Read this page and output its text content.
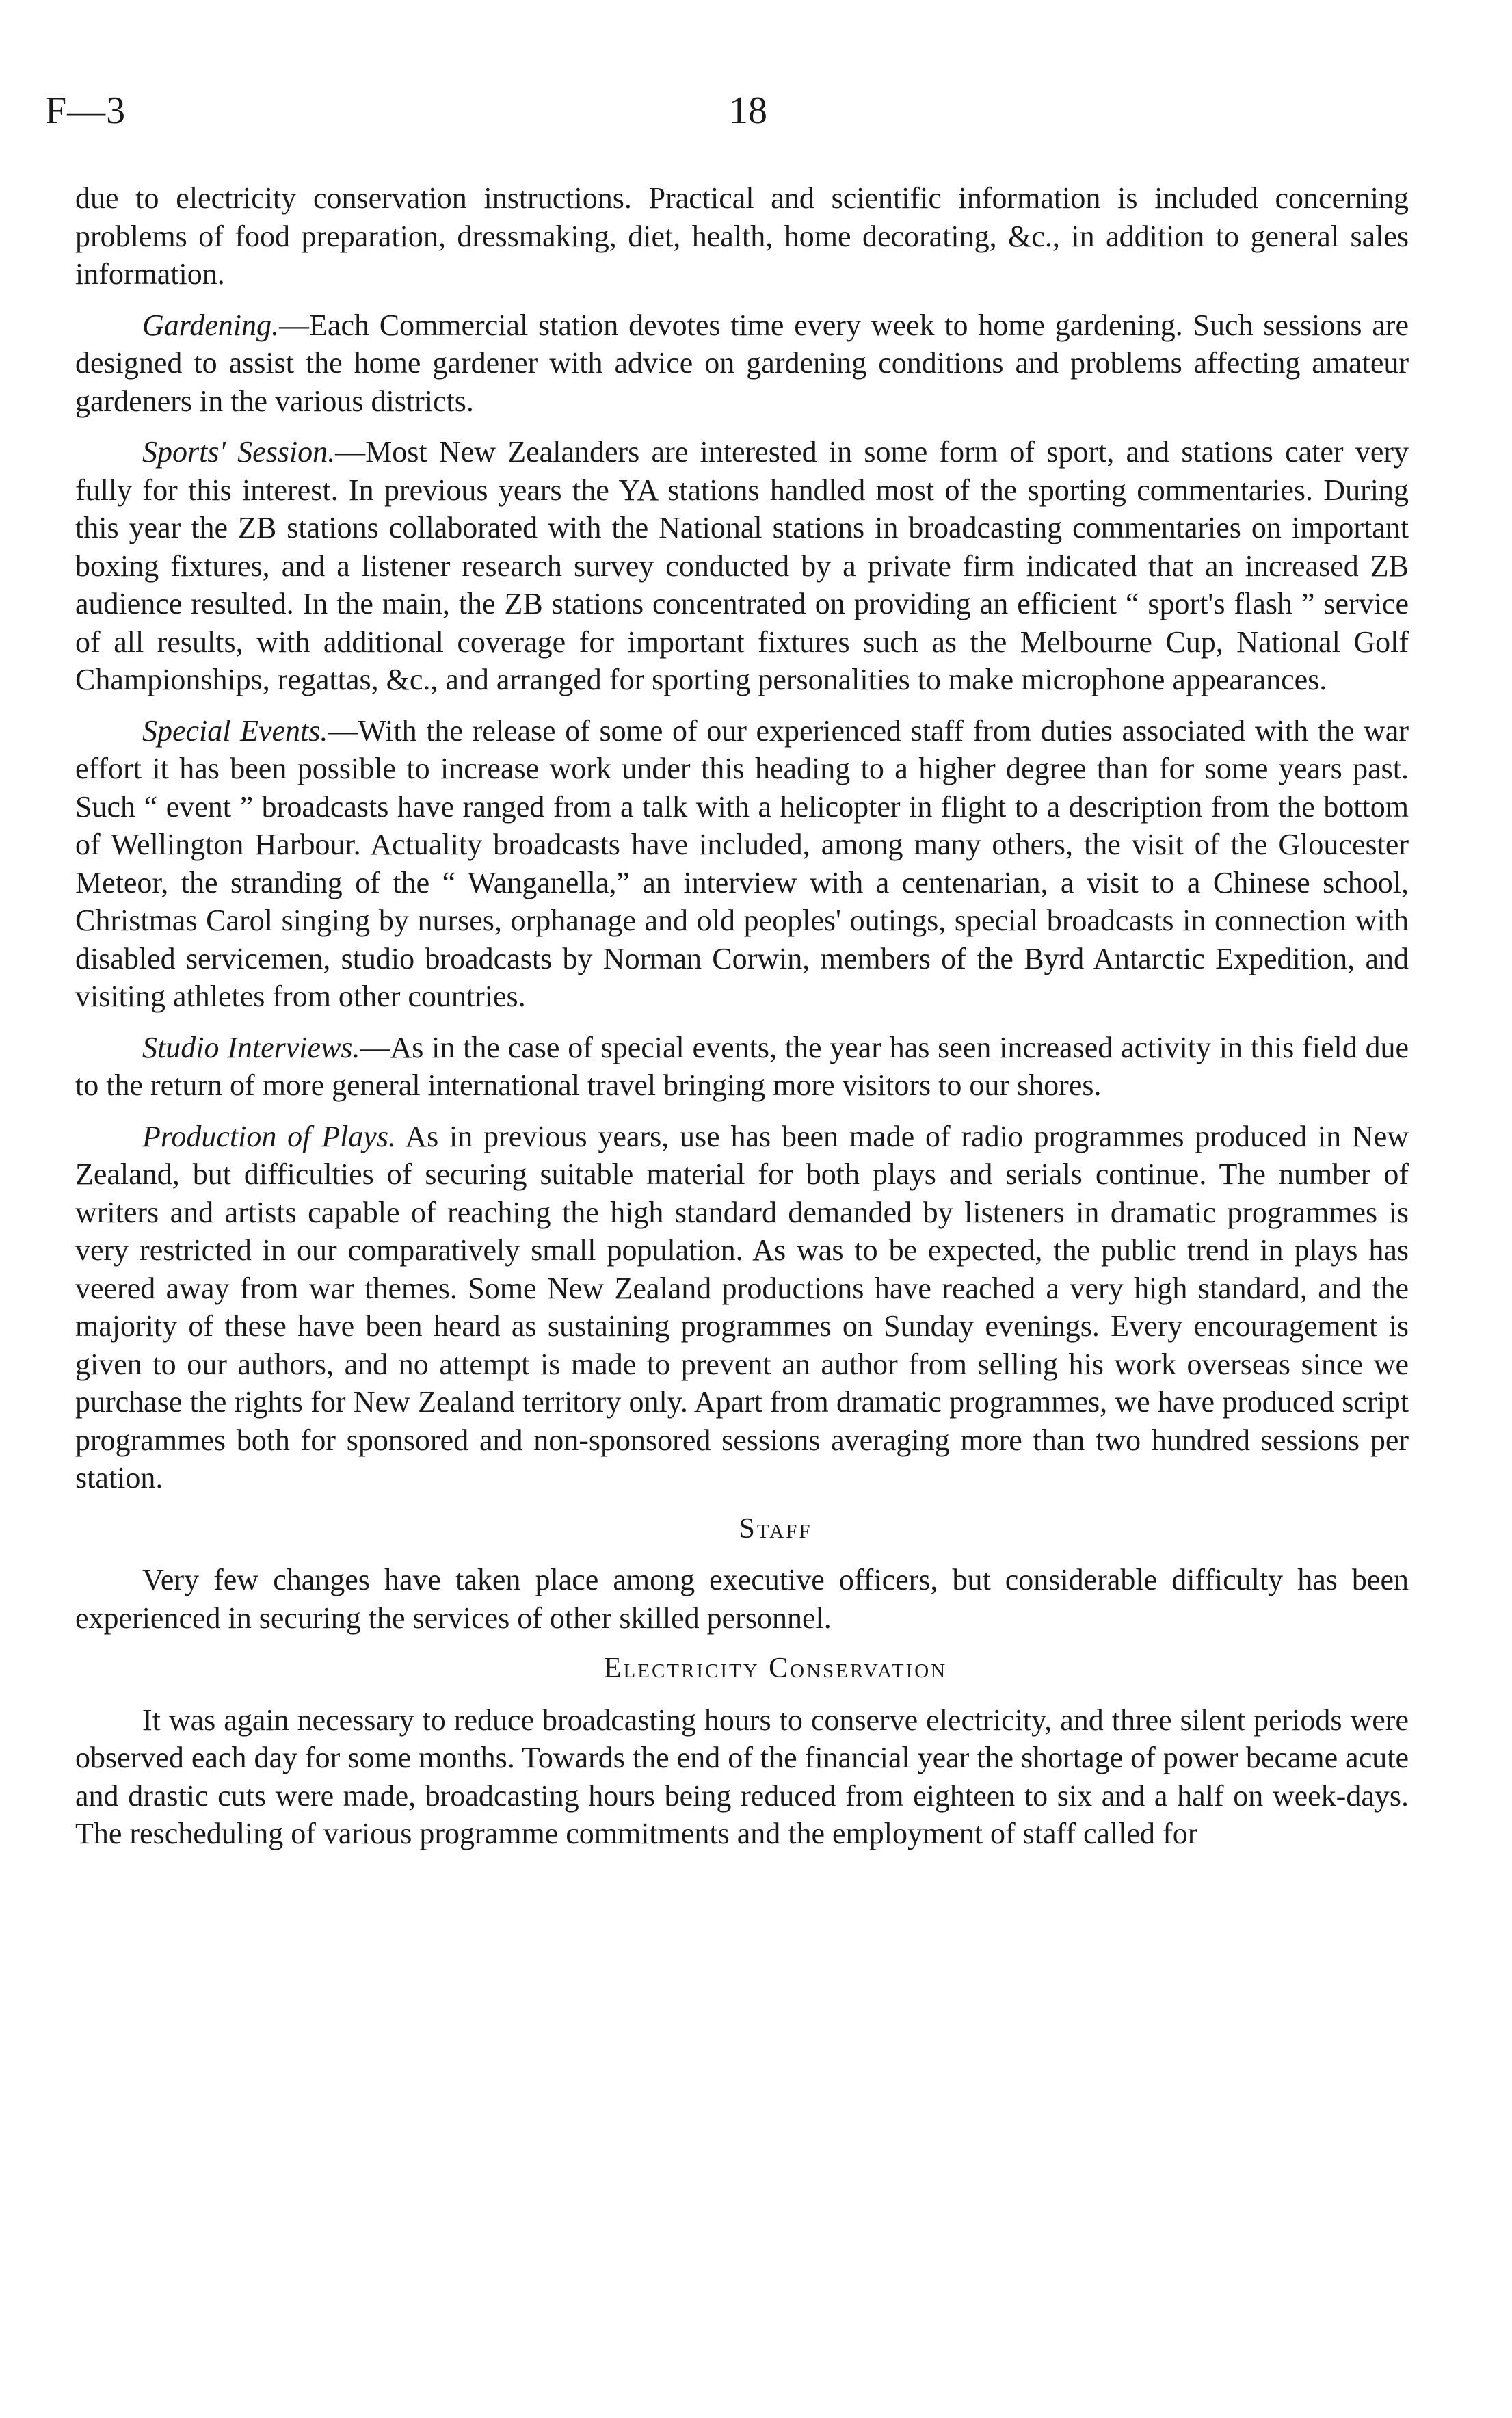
F—3	18

due to electricity conservation instructions. Practical and scientific information is included concerning problems of food preparation, dressmaking, diet, health, home decorating, &c., in addition to general sales information.

Gardening.—Each Commercial station devotes time every week to home gardening. Such sessions are designed to assist the home gardener with advice on gardening conditions and problems affecting amateur gardeners in the various districts.

Sports' Session.—Most New Zealanders are interested in some form of sport, and stations cater very fully for this interest. In previous years the YA stations handled most of the sporting commentaries. During this year the ZB stations collaborated with the National stations in broadcasting commentaries on important boxing fixtures, and a listener research survey conducted by a private firm indicated that an increased ZB audience resulted. In the main, the ZB stations concentrated on providing an efficient “ sport's flash ” service of all results, with additional coverage for important fixtures such as the Melbourne Cup, National Golf Championships, regattas, &c., and arranged for sporting personalities to make microphone appearances.

Special Events.—With the release of some of our experienced staff from duties associated with the war effort it has been possible to increase work under this heading to a higher degree than for some years past. Such “ event ” broadcasts have ranged from a talk with a helicopter in flight to a description from the bottom of Wellington Harbour. Actuality broadcasts have included, among many others, the visit of the Gloucester Meteor, the stranding of the “ Wanganella,” an interview with a centenarian, a visit to a Chinese school, Christmas Carol singing by nurses, orphanage and old peoples' outings, special broadcasts in connection with disabled servicemen, studio broadcasts by Norman Corwin, members of the Byrd Antarctic Expedition, and visiting athletes from other countries.

Studio Interviews.—As in the case of special events, the year has seen increased activity in this field due to the return of more general international travel bringing more visitors to our shores.

Production of Plays. As in previous years, use has been made of radio programmes produced in New Zealand, but difficulties of securing suitable material for both plays and serials continue. The number of writers and artists capable of reaching the high standard demanded by listeners in dramatic programmes is very restricted in our comparatively small population. As was to be expected, the public trend in plays has veered away from war themes. Some New Zealand productions have reached a very high standard, and the majority of these have been heard as sustaining programmes on Sunday evenings. Every encouragement is given to our authors, and no attempt is made to prevent an author from selling his work overseas since we purchase the rights for New Zealand territory only. Apart from dramatic programmes, we have produced script programmes both for sponsored and non-sponsored sessions averaging more than two hundred sessions per station.

Staff

Very few changes have taken place among executive officers, but considerable difficulty has been experienced in securing the services of other skilled personnel.

Electricity Conservation

It was again necessary to reduce broadcasting hours to conserve electricity, and three silent periods were observed each day for some months. Towards the end of the financial year the shortage of power became acute and drastic cuts were made, broadcasting hours being reduced from eighteen to six and a half on week-days. The rescheduling of various programme commitments and the employment of staff called for
